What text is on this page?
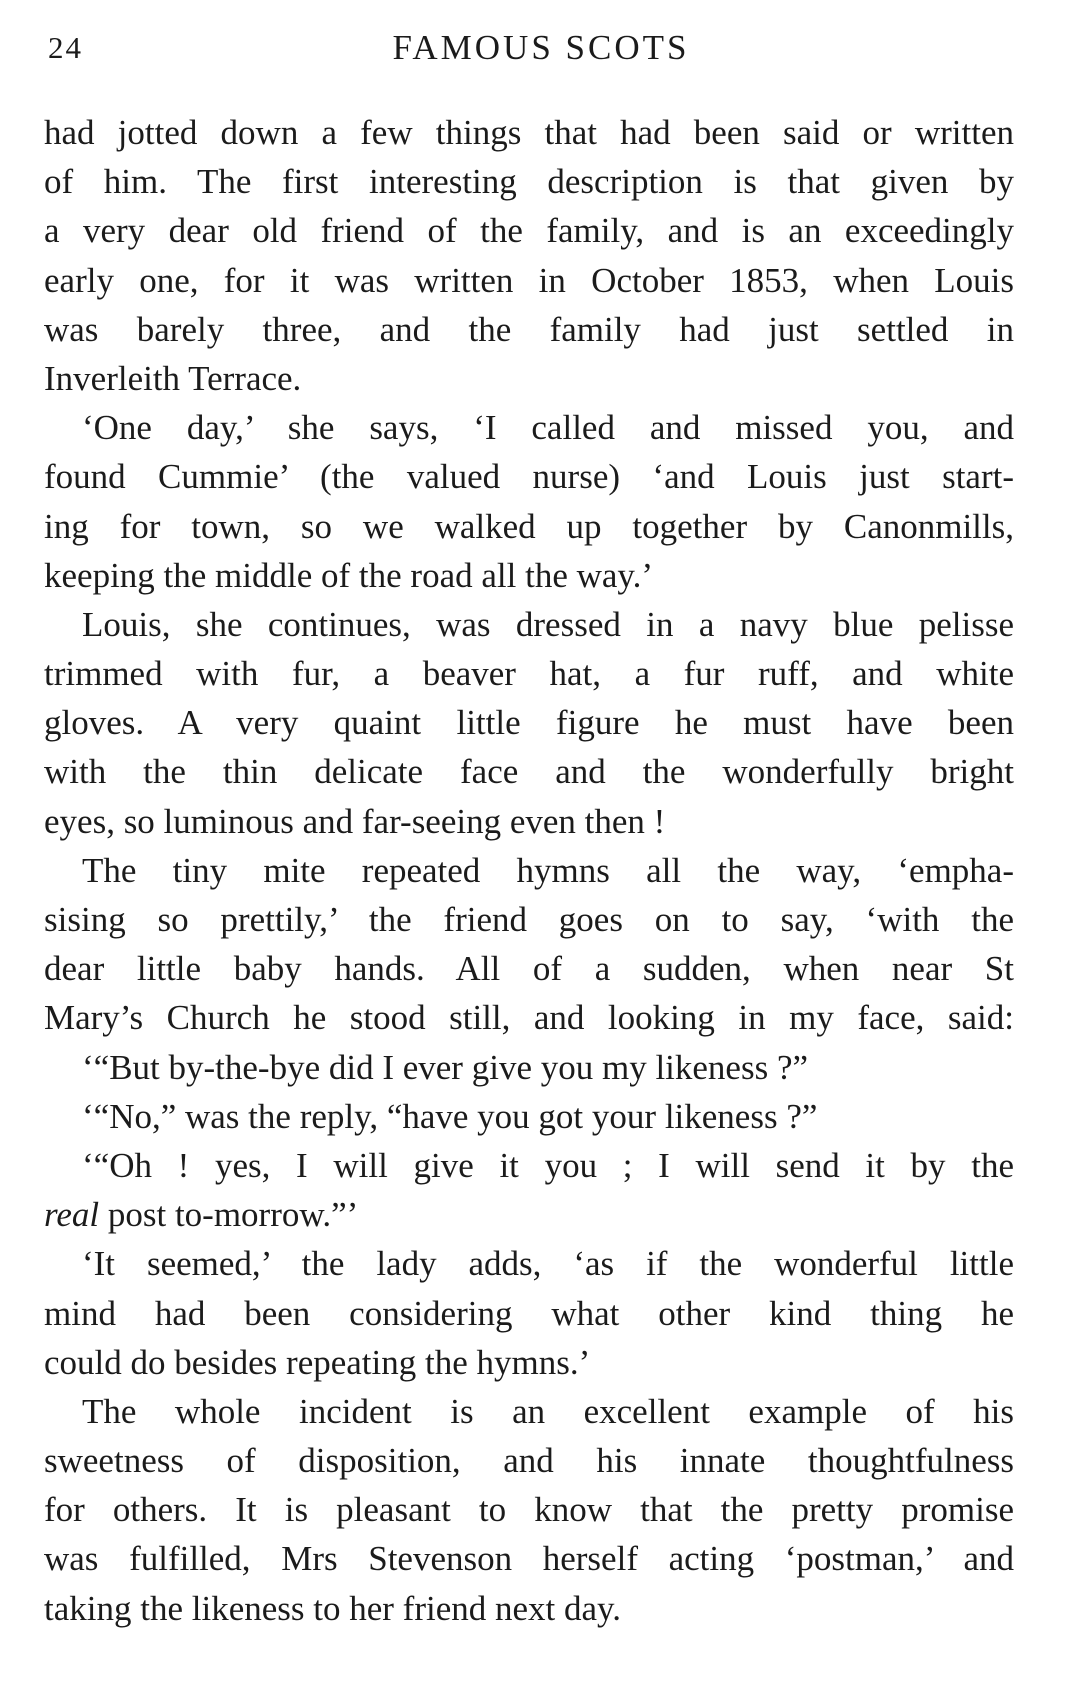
24	FAMOUS SCOTS
had jotted down a few things that had been said or written
of him. The first interesting description is that given by
a very dear old friend of the family, and is an exceedingly
early one, for it was written in October 1853, when Louis
was barely three, and the family had just settled in
Inverleith Terrace.
‘One day,’ she says, ‘I called and missed you, and
found Cummie’ (the valued nurse) ‘and Louis just start-
ing for town, so we walked up together by Canonmills,
keeping the middle of the road all the way.’
Louis, she continues, was dressed in a navy blue pelisse
trimmed with fur, a beaver hat, a fur ruff, and white
gloves. A very quaint little figure he must have been
with the thin delicate face and the wonderfully bright
eyes, so luminous and far-seeing even then !
The tiny mite repeated hymns all the way, ‘empha-
sising so prettily,’ the friend goes on to say, ‘with the
dear little baby hands. All of a sudden, when near St
Mary’s Church he stood still, and looking in my face, said:
‘“But by-the-bye did I ever give you my likeness ?”
‘“No,” was the reply, “have you got your likeness ?”
‘“Oh ! yes, I will give it you ; I will send it by the
real post to-morrow.”’
‘It seemed,’ the lady adds, ‘as if the wonderful little
mind had been considering what other kind thing he
could do besides repeating the hymns.’
The whole incident is an excellent example of his
sweetness of disposition, and his innate thoughtfulness
for others. It is pleasant to know that the pretty promise
was fulfilled, Mrs Stevenson herself acting ‘postman,’ and
taking the likeness to her friend next day.
